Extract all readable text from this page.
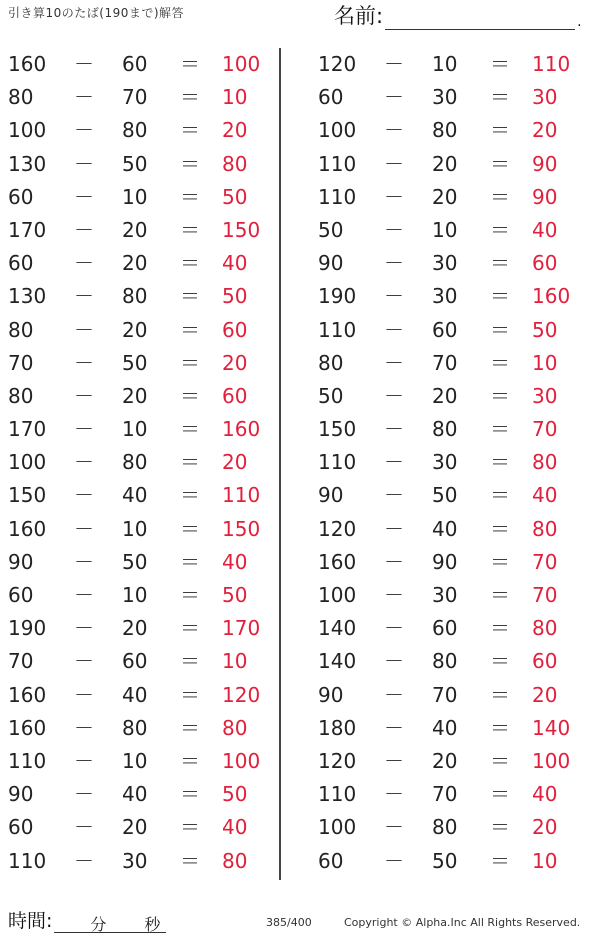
引き算10のたば(190まで)解答	名前:	.
160	－ 60	＝ 100
80	－ 70	＝ 10
100	－ 80	＝ 20
130	－ 50	＝ 80
60	－ 10	＝ 50
170	－ 20	＝ 150
60	－ 20	＝ 40
130	－ 80	＝ 50
80	－ 20	＝ 60
70	－ 50	＝ 20
80	－ 20	＝ 60
170	－ 10	＝ 160
100	－ 80	＝ 20
150	－ 40	＝ 110
160	－ 10	＝ 150
90	－ 50	＝ 40
60	－ 10	＝ 50
190	－ 20	＝ 170
70	－ 60	＝ 10
160	－ 40	＝ 120
160	－ 80	＝ 80
110	－ 10	＝ 100
90	－ 40	＝ 50
60	－ 20	＝ 40
110	－ 30	＝ 80
120	－ 10	＝ 110
60	－ 30	＝ 30
100	－ 80	＝ 20
110	－ 20	＝ 90
110	－ 20	＝ 90
50	－ 10	＝ 40
90	－ 30	＝ 60
190	－ 30	＝ 160
110	－ 60	＝ 50
80	－ 70	＝ 10
50	－ 20	＝ 30
150	－ 80	＝ 70
110	－ 30	＝ 80
90	－ 50	＝ 40
120	－ 40	＝ 80
160	－ 90	＝ 70
100	－ 30	＝ 70
140	－ 60	＝ 80
140	－ 80	＝ 60
90	－ 70	＝ 20
180	－ 40	＝ 140
120	－ 20	＝ 100
110	－ 70	＝ 40
100	－ 80	＝ 20
60	－ 50	＝ 10
時間: 分 秒	385/400	Copyright © Alpha.Inc All Rights Reserved.
